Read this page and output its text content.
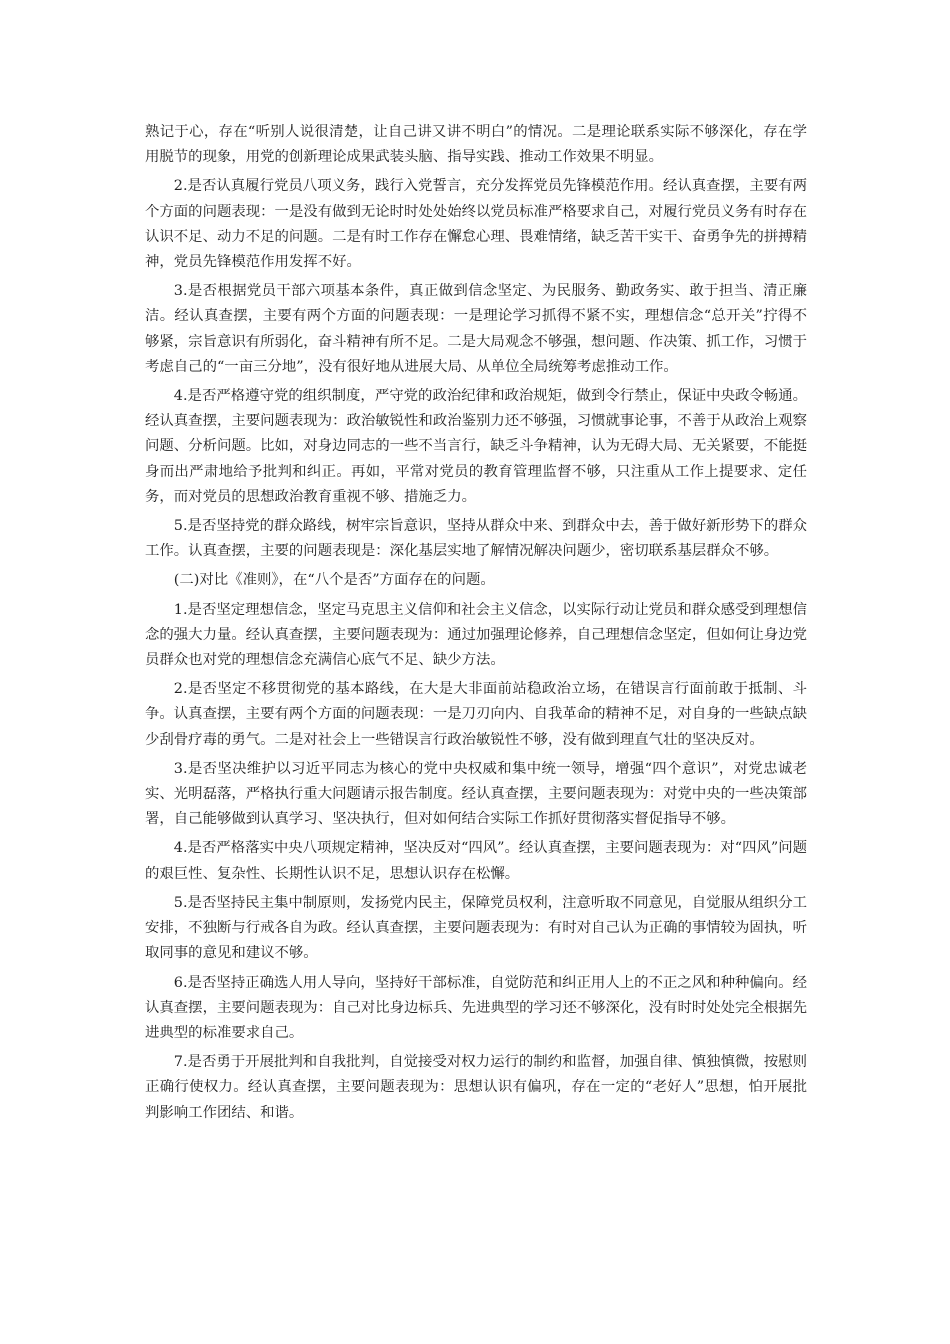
熟记于心，存在“听别人说很清楚，让自己讲又讲不明白”的情况。二是理论联系实际不够深化，存在学用脱节的现象，用党的创新理论成果武装头脑、指导实践、推动工作效果不明显。

2.是否认真履行党员八项义务，践行入党誓言，充分发挥党员先锋模范作用。经认真查摆，主要有两个方面的问题表现：一是没有做到无论时时处处始终以党员标准严格要求自己，对履行党员义务有时存在认识不足、动力不足的问题。二是有时工作存在懈怠心理、畏难情绪，缺乏苦干实干、奋勇争先的拼搏精神，党员先锋模范作用发挥不好。

3.是否根据党员干部六项基本条件，真正做到信念坚定、为民服务、勤政务实、敢于担当、清正廉洁。经认真查摆，主要有两个方面的问题表现：一是理论学习抓得不紧不实，理想信念“总开关”拧得不够紧，宗旨意识有所弱化，奋斗精神有所不足。二是大局观念不够强，想问题、作决策、抓工作，习惯于考虑自己的“一亩三分地”，没有很好地从进展大局、从单位全局统筹考虑推动工作。

4.是否严格遵守党的组织制度，严守党的政治纪律和政治规矩，做到令行禁止，保证中央政令畅通。经认真查摆，主要问题表现为：政治敏锐性和政治鉴别力还不够强，习惯就事论事，不善于从政治上观察问题、分析问题。比如，对身边同志的一些不当言行，缺乏斗争精神，认为无碍大局、无关紧要，不能挺身而出严肃地给予批判和纠正。再如，平常对党员的教育管理监督不够，只注重从工作上提要求、定任务，而对党员的思想政治教育重视不够、措施乏力。

5.是否坚持党的群众路线，树牢宗旨意识，坚持从群众中来、到群众中去，善于做好新形势下的群众工作。认真查摆，主要的问题表现是：深化基层实地了解情况解决问题少，密切联系基层群众不够。

(二)对比《准则》，在“八个是否”方面存在的问题。

1.是否坚定理想信念，坚定马克思主义信仰和社会主义信念，以实际行动让党员和群众感受到理想信念的强大力量。经认真查摆，主要问题表现为：通过加强理论修养，自己理想信念坚定，但如何让身边党员群众也对党的理想信念充满信心底气不足、缺少方法。

2.是否坚定不移贯彻党的基本路线，在大是大非面前站稳政治立场，在错误言行面前敢于抵制、斗争。认真查摆，主要有两个方面的问题表现：一是刀刃向内、自我革命的精神不足，对自身的一些缺点缺少刮骨疗毒的勇气。二是对社会上一些错误言行政治敏锐性不够，没有做到理直气壮的坚决反对。

3.是否坚决维护以习近平同志为核心的党中央权威和集中统一领导，增强“四个意识”，对党忠诚老实、光明磊落，严格执行重大问题请示报告制度。经认真查摆，主要问题表现为：对党中央的一些决策部署，自己能够做到认真学习、坚决执行，但对如何结合实际工作抓好贯彻落实督促指导不够。

4.是否严格落实中央八项规定精神，坚决反对“四风”。经认真查摆，主要问题表现为：对“四风”问题的艰巨性、复杂性、长期性认识不足，思想认识存在松懈。

5.是否坚持民主集中制原则，发扬党内民主，保障党员权利，注意听取不同意见，自觉服从组织分工安排，不独断与行戒各自为政。经认真查摆，主要问题表现为：有时对自己认为正确的事情较为固执，听取同事的意见和建议不够。

6.是否坚持正确选人用人导向，坚持好干部标准，自觉防范和纠正用人上的不正之风和种种偏向。经认真查摆，主要问题表现为：自己对比身边标兵、先进典型的学习还不够深化，没有时时处处完全根据先进典型的标准要求自己。

7.是否勇于开展批判和自我批判，自觉接受对权力运行的制约和监督，加强自律、慎独慎微，按慰则正确行使权力。经认真查摆，主要问题表现为：思想认识有偏巩，存在一定的“老好人”思想，怕开展批判影响工作团结、和谐。
